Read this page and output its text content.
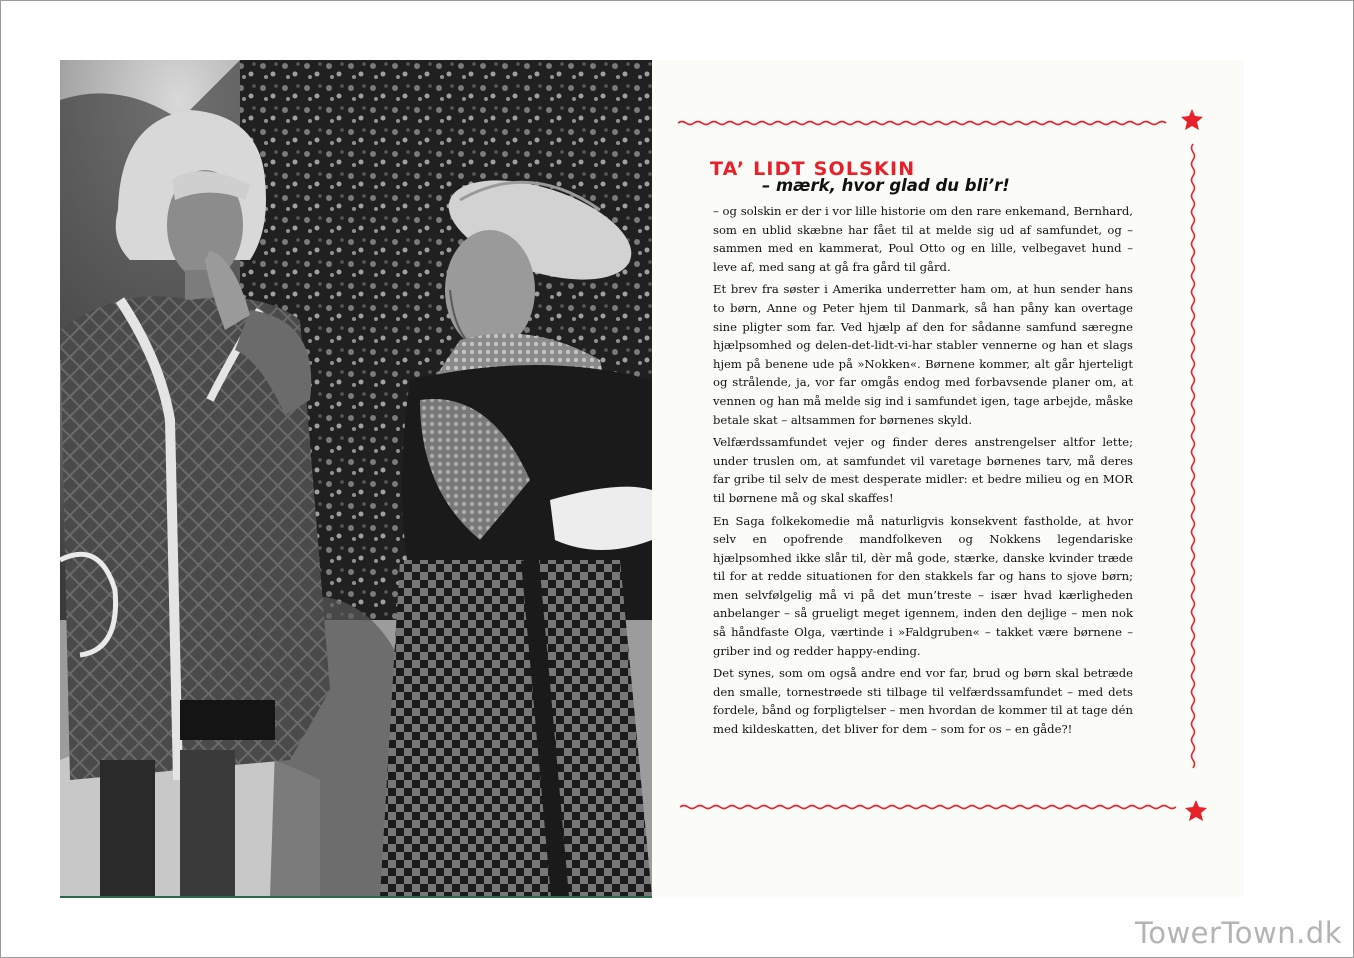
TA’ LIDT SOLSKIN
– mærk, hvor glad du bli’r!

– og solskin er der i vor lille historie om den rare enkemand, Bernhard, som en ublid skæbne har fået til at melde sig ud af samfundet, og – sammen med en kammerat, Poul Otto og en lille, velbegavet hund – leve af, med sang at gå fra gård til gård.

Et brev fra søster i Amerika underretter ham om, at hun sender hans to børn, Anne og Peter hjem til Danmark, så han påny kan overtage sine pligter som far. Ved hjælp af den for sådanne samfund særegne hjælpsomhed og delen-det-lidt-vi-har stabler vennerne og han et slags hjem på benene ude på »Nokken«. Børnene kommer, alt går hjerteligt og strålende, ja, vor far omgås endog med forbavsende planer om, at vennen og han må melde sig ind i samfundet igen, tage arbejde, måske betale skat – altsammen for børnenes skyld.

Velfærdssamfundet vejer og finder deres anstrengelser altfor lette; under truslen om, at samfundet vil varetage børnenes tarv, må deres far gribe til selv de mest desperate midler: et bedre milieu og en MOR til børnene må og skal skaffes!

En Saga folkekomedie må naturligvis konsekvent fastholde, at hvor selv en opofrende mandfolkeven og Nokkens legendariske hjælpsomhed ikke slår til, dèr må gode, stærke, danske kvinder træde til for at redde situationen for den stakkels far og hans to sjove børn; men selvfølgelig må vi på det mun’treste – især hvad kærligheden anbelanger – så grueligt meget igennem, inden den dejlige – men nok så håndfaste Olga, værtinde i »Faldgruben« – takket være børnene – griber ind og redder happy-ending.

Det synes, som om også andre end vor far, brud og børn skal betræde den smalle, tornestrøede sti tilbage til velfærdssamfundet – med dets fordele, bånd og forpligtelser – men hvordan de kommer til at tage dén med kildeskatten, det bliver for dem – som for os – en gåde?!

TowerTown.dk
